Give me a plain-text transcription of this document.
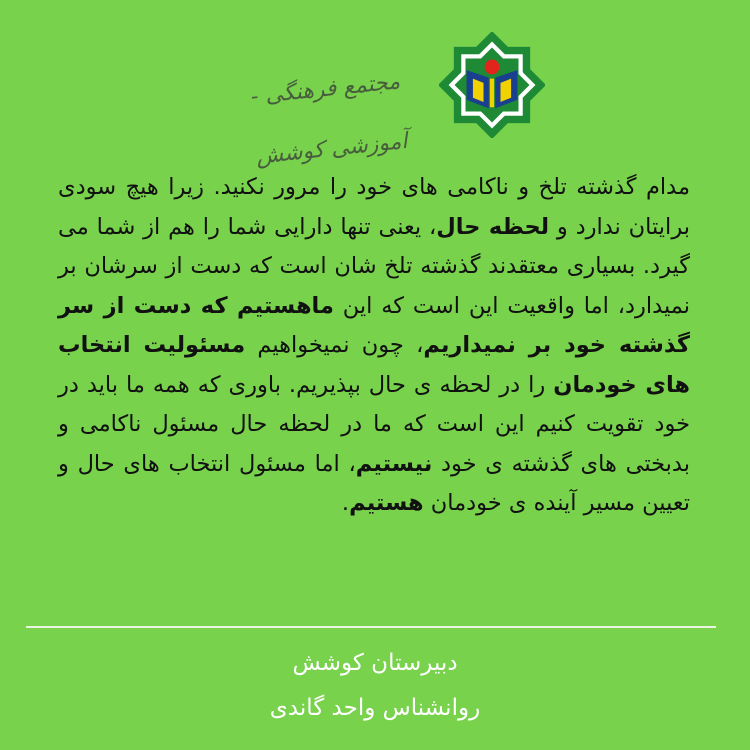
مجتمع فرهنگی - آموزشی کوشش
مدام گذشته تلخ و ناکامی های خود را مرور نکنید. زیرا هیچ سودی برایتان ندارد و لحظه حال، یعنی تنها دارایی شما را هم از شما می گیرد. بسیاری معتقدند گذشته تلخ شان است که دست از سرشان بر نمیدارد، اما واقعیت این است که این ماهستیم که دست از سر گذشته خود بر نمیداریم، چون نمیخواهیم مسئولیت انتخاب های خودمان را در لحظه ی حال بپذیریم. باوری که همه ما باید در خود تقویت کنیم این است که ما در لحظه حال مسئول ناکامی و بدبختی های گذشته ی خود نیستیم، اما مسئول انتخاب های حال و تعیین مسیر آینده ی خودمان هستیم.
دبیرستان کوشش
روانشناس واحد گاندی
